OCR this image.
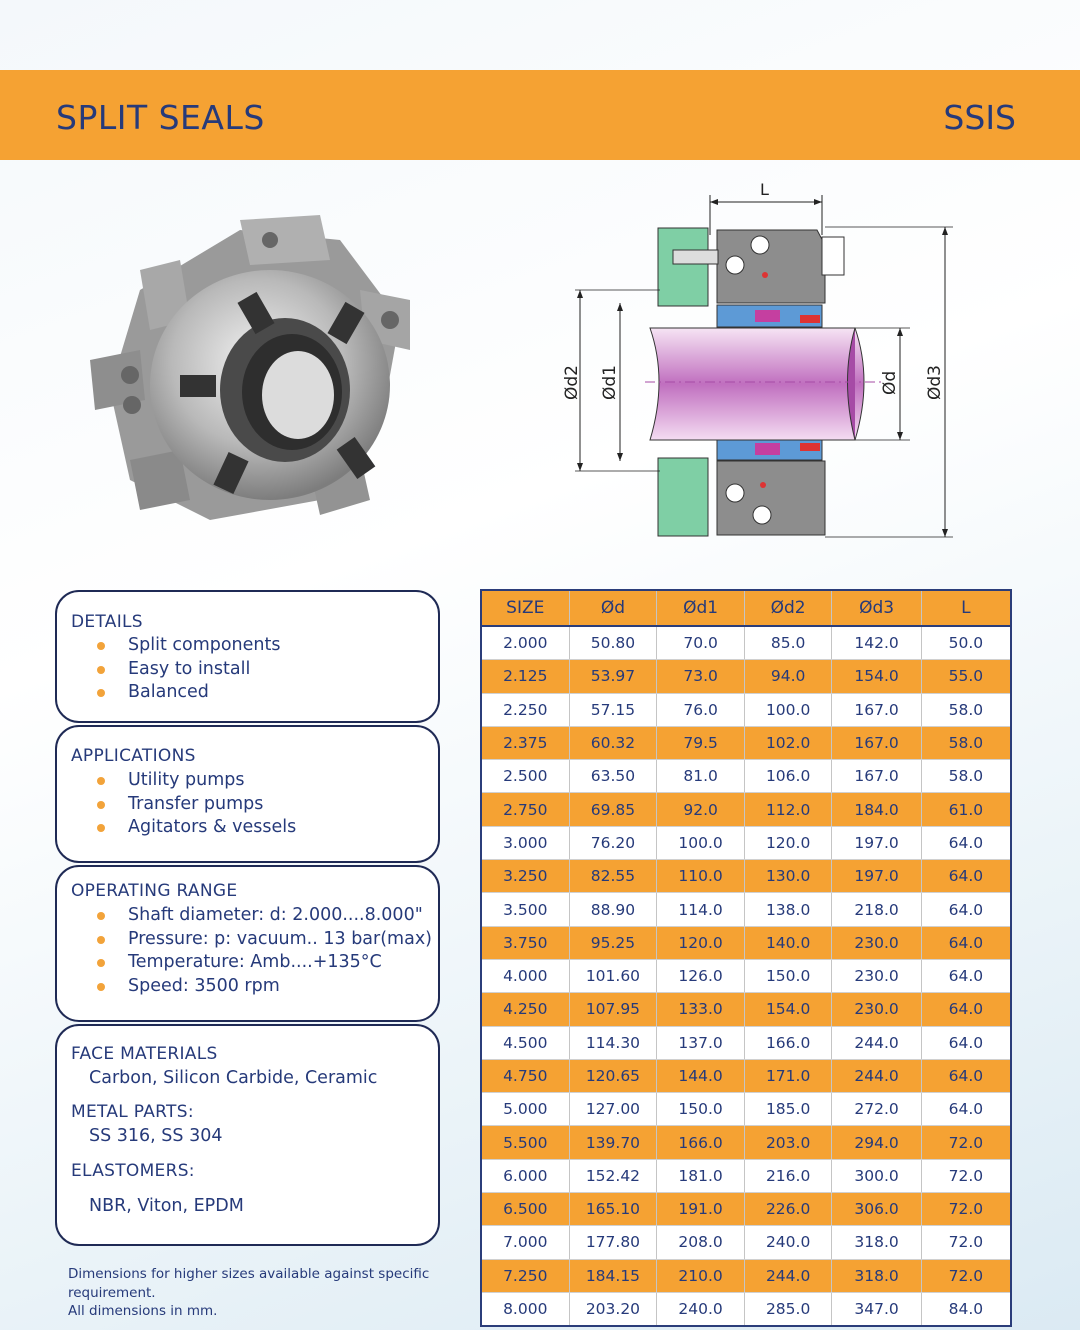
SPLIT SEALS	SSIS
L
Ød2 Ød1	Ød Ød3
DETAILS
Split components
Easy to install
Balanced
APPLICATIONS
Utility pumps
Transfer pumps
Agitators & vessels
OPERATING RANGE
Shaft diameter: d: 2.000....8.000"
Pressure: p: vacuum.. 13 bar(max)
Temperature: Amb....+135°C
Speed: 3500 rpm
FACE MATERIALS
Carbon, Silicon Carbide, Ceramic
METAL PARTS:
SS 316, SS 304
ELASTOMERS:
NBR, Viton, EPDM
Dimensions for higher sizes available against specific
requirement.
All dimensions in mm.
SIZE	Ød	Ød1	Ød2	Ød3	L
2.000	50.80	70.0	85.0	142.0	50.0
2.125	53.97	73.0	94.0	154.0	55.0
2.250	57.15	76.0	100.0	167.0	58.0
2.375	60.32	79.5	102.0	167.0	58.0
2.500	63.50	81.0	106.0	167.0	58.0
2.750	69.85	92.0	112.0	184.0	61.0
3.000	76.20	100.0	120.0	197.0	64.0
3.250	82.55	110.0	130.0	197.0	64.0
3.500	88.90	114.0	138.0	218.0	64.0
3.750	95.25	120.0	140.0	230.0	64.0
4.000	101.60	126.0	150.0	230.0	64.0
4.250	107.95	133.0	154.0	230.0	64.0
4.500	114.30	137.0	166.0	244.0	64.0
4.750	120.65	144.0	171.0	244.0	64.0
5.000	127.00	150.0	185.0	272.0	64.0
5.500	139.70	166.0	203.0	294.0	72.0
6.000	152.42	181.0	216.0	300.0	72.0
6.500	165.10	191.0	226.0	306.0	72.0
7.000	177.80	208.0	240.0	318.0	72.0
7.250	184.15	210.0	244.0	318.0	72.0
8.000	203.20	240.0	285.0	347.0	84.0
